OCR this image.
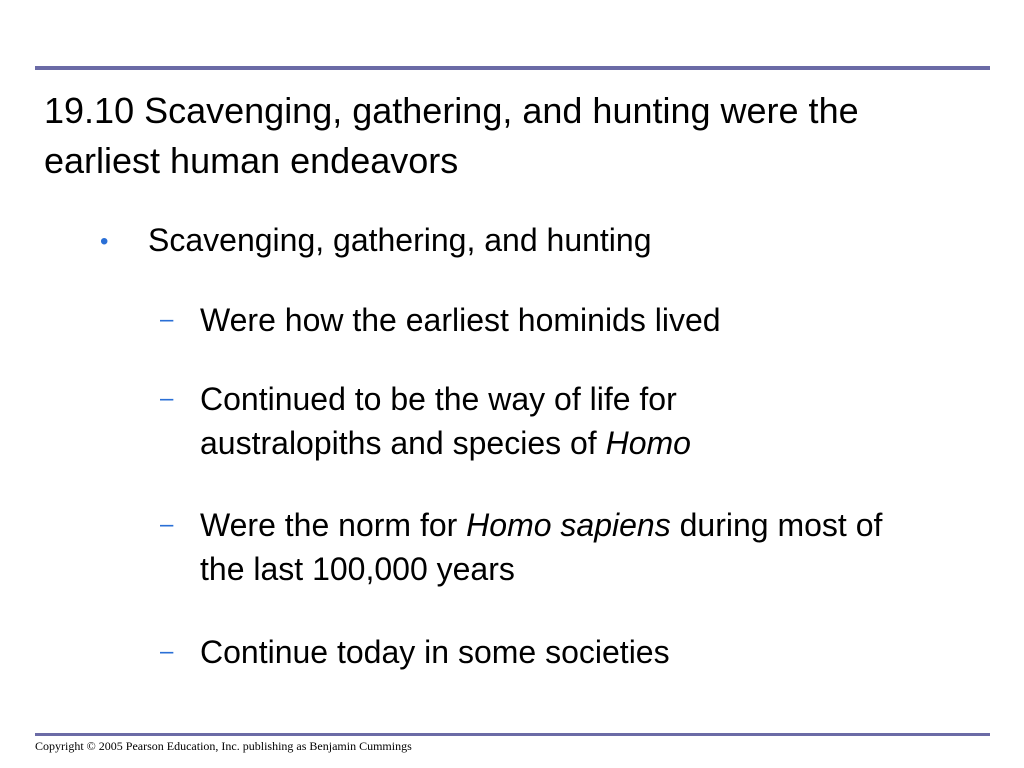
19.10 Scavenging, gathering, and hunting were the earliest human endeavors
• Scavenging, gathering, and hunting
– Were how the earliest hominids lived
– Continued to be the way of life for australopiths and species of Homo
– Were the norm for Homo sapiens during most of the last 100,000 years
– Continue today in some societies
Copyright © 2005 Pearson Education, Inc. publishing as Benjamin Cummings
